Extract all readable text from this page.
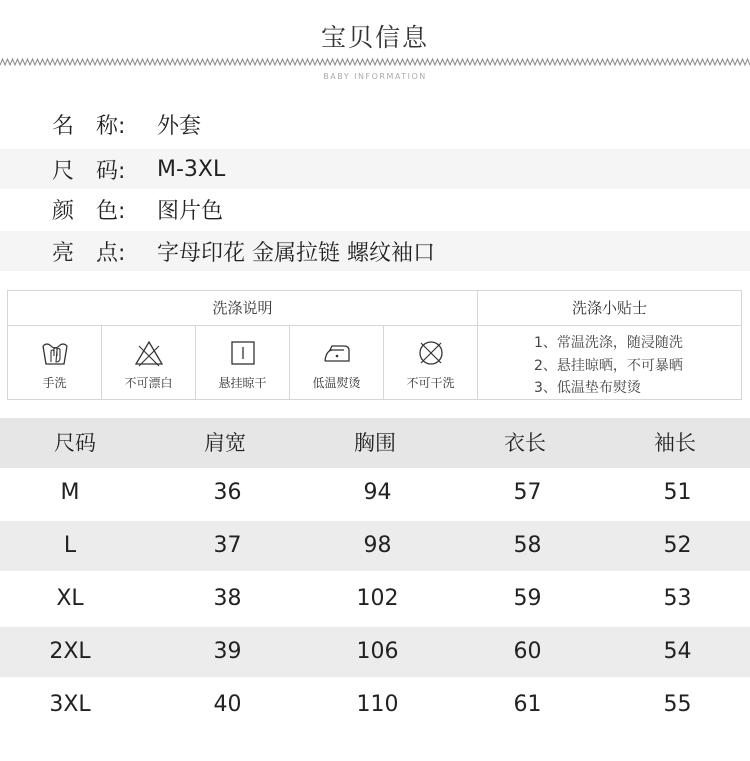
宝贝信息
BABY INFORMATION
名　称: 外套
尺　码: M-3XL
颜　色: 图片色
亮　点: 字母印花 金属拉链 螺纹袖口
洗涤说明	洗涤小贴士
手洗	不可漂白	悬挂晾干	低温熨烫	不可干洗
1、常温洗涤，随浸随洗
2、悬挂晾晒，不可暴晒
3、低温垫布熨烫
尺码	肩宽	胸围	衣长	袖长
M	36	94	57	51
L	37	98	58	52
XL	38	102	59	53
2XL	39	106	60	54
3XL	40	110	61	55
